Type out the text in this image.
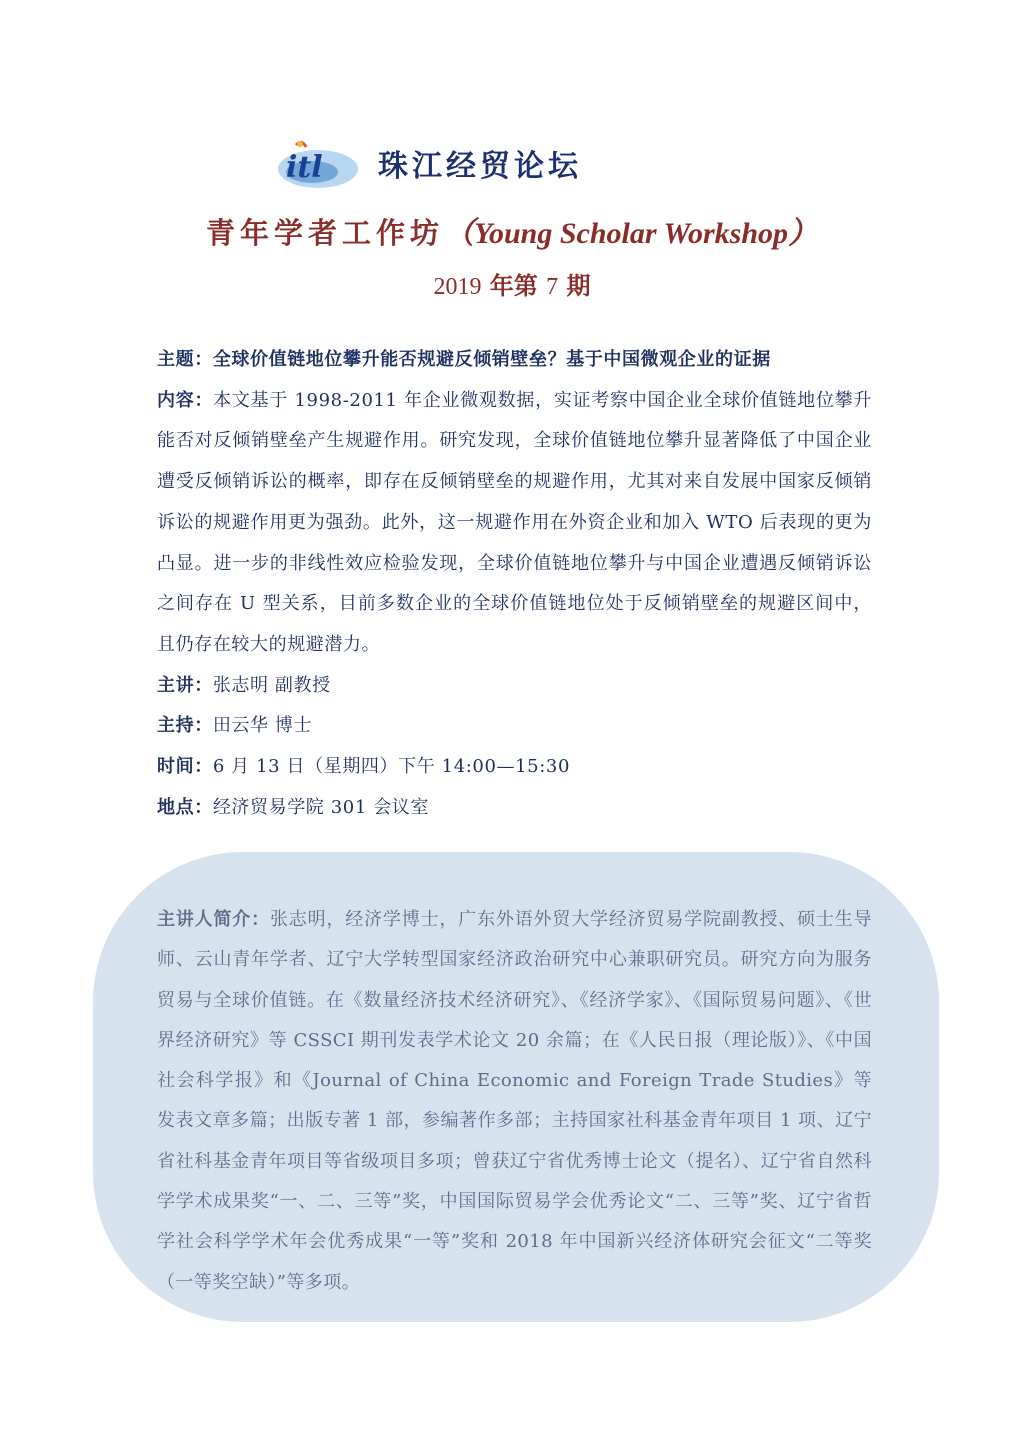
itl 珠江经贸论坛
青年学者工作坊（Young Scholar Workshop）
2019 年第 7 期

主题：全球价值链地位攀升能否规避反倾销壁垒？基于中国微观企业的证据

内容：本文基于 1998-2011 年企业微观数据，实证考察中国企业全球价值链地位攀升能否对反倾销壁垒产生规避作用。研究发现，全球价值链地位攀升显著降低了中国企业遭受反倾销诉讼的概率，即存在反倾销壁垒的规避作用，尤其对来自发展中国家反倾销诉讼的规避作用更为强劲。此外，这一规避作用在外资企业和加入 WTO 后表现的更为凸显。进一步的非线性效应检验发现，全球价值链地位攀升与中国企业遭遇反倾销诉讼之间存在 U 型关系，目前多数企业的全球价值链地位处于反倾销壁垒的规避区间中，且仍存在较大的规避潜力。

主讲：张志明 副教授

主持：田云华 博士

时间：6 月 13 日（星期四）下午 14:00—15:30

地点：经济贸易学院 301 会议室

主讲人简介：张志明，经济学博士，广东外语外贸大学经济贸易学院副教授、硕士生导师、云山青年学者、辽宁大学转型国家经济政治研究中心兼职研究员。研究方向为服务贸易与全球价值链。在《数量经济技术经济研究》、《经济学家》、《国际贸易问题》、《世界经济研究》等 CSSCI 期刊发表学术论文 20 余篇；在《人民日报（理论版）》、《中国社会科学报》和《Journal of China Economic and Foreign Trade Studies》等发表文章多篇；出版专著 1 部，参编著作多部；主持国家社科基金青年项目 1 项、辽宁省社科基金青年项目等省级项目多项；曾获辽宁省优秀博士论文（提名）、辽宁省自然科学学术成果奖“一、二、三等”奖，中国国际贸易学会优秀论文“二、三等”奖、辽宁省哲学社会科学学术年会优秀成果“一等”奖和 2018 年中国新兴经济体研究会征文“二等奖（一等奖空缺）”等多项。
